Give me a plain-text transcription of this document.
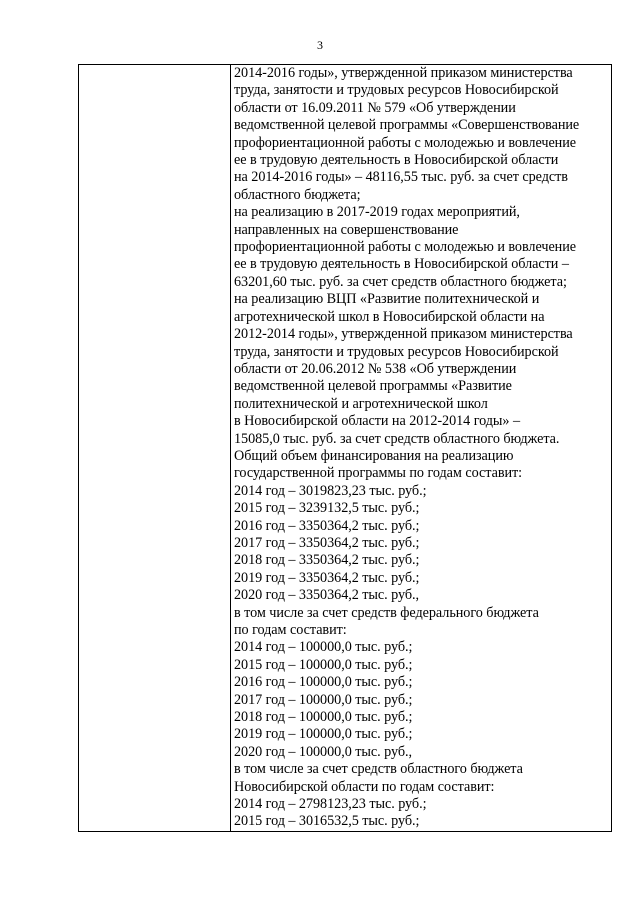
3

2014-2016 годы», утвержденной приказом министерства
труда, занятости и трудовых ресурсов Новосибирской
области от 16.09.2011 № 579 «Об утверждении
ведомственной целевой программы «Совершенствование
профориентационной работы с молодежью и вовлечение
ее в трудовую деятельность в Новосибирской области
на 2014-2016 годы» – 48116,55 тыс. руб. за счет средств
областного бюджета;
на реализацию в 2017-2019 годах мероприятий,
направленных на совершенствование
профориентационной работы с молодежью и вовлечение
ее в трудовую деятельность в Новосибирской области –
63201,60 тыс. руб. за счет средств областного бюджета;
на реализацию ВЦП «Развитие политехнической и
агротехнической школ в Новосибирской области на
2012-2014 годы», утвержденной приказом министерства
труда, занятости и трудовых ресурсов Новосибирской
области от 20.06.2012 № 538 «Об утверждении
ведомственной целевой программы «Развитие
политехнической и агротехнической школ
в Новосибирской области на 2012-2014 годы» –
15085,0 тыс. руб. за счет средств областного бюджета.
Общий объем финансирования на реализацию
государственной программы по годам составит:
2014 год – 3019823,23 тыс. руб.;
2015 год – 3239132,5 тыс. руб.;
2016 год – 3350364,2 тыс. руб.;
2017 год – 3350364,2 тыс. руб.;
2018 год – 3350364,2 тыс. руб.;
2019 год – 3350364,2 тыс. руб.;
2020 год – 3350364,2 тыс. руб.,
в том числе за счет средств федерального бюджета
по годам составит:
2014 год – 100000,0 тыс. руб.;
2015 год – 100000,0 тыс. руб.;
2016 год – 100000,0 тыс. руб.;
2017 год – 100000,0 тыс. руб.;
2018 год – 100000,0 тыс. руб.;
2019 год – 100000,0 тыс. руб.;
2020 год – 100000,0 тыс. руб.,
в том числе за счет средств областного бюджета
Новосибирской области по годам составит:
2014 год – 2798123,23 тыс. руб.;
2015 год – 3016532,5 тыс. руб.;
